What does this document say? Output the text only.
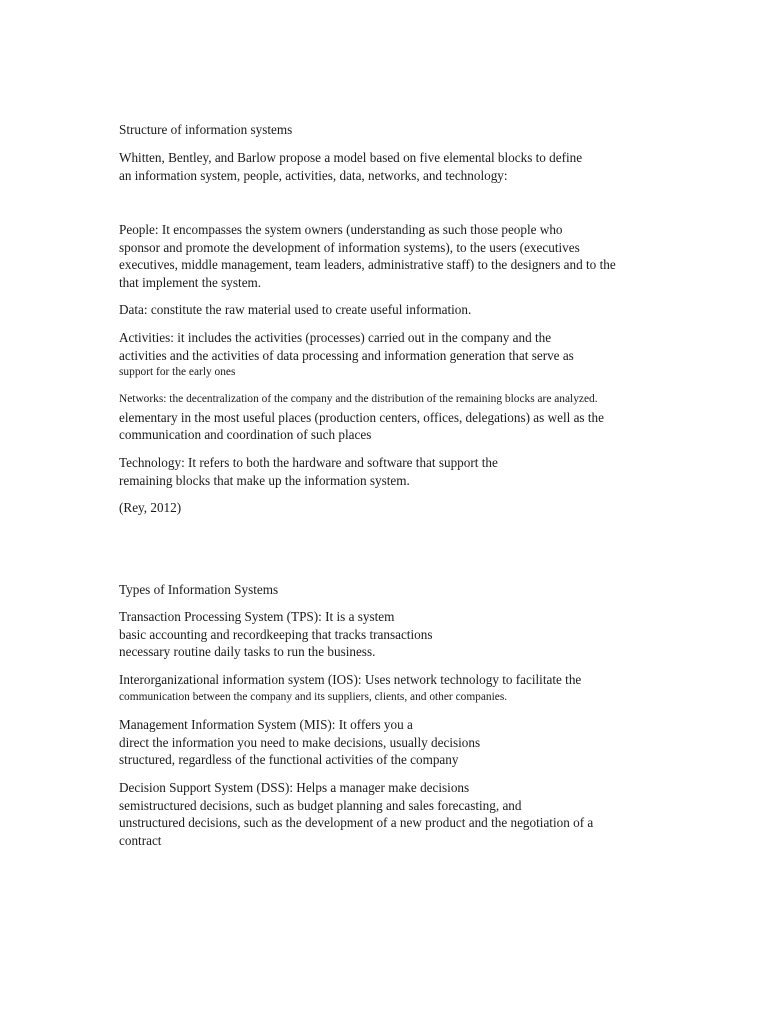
Structure of information systems
Whitten, Bentley, and Barlow propose a model based on five elemental blocks to define
an information system, people, activities, data, networks, and technology:
People: It encompasses the system owners (understanding as such those people who
sponsor and promote the development of information systems), to the users (executives
executives, middle management, team leaders, administrative staff) to the designers and to the
that implement the system.
Data: constitute the raw material used to create useful information.
Activities: it includes the activities (processes) carried out in the company and the
activities and the activities of data processing and information generation that serve as
support for the early ones
Networks: the decentralization of the company and the distribution of the remaining blocks are analyzed.
elementary in the most useful places (production centers, offices, delegations) as well as the
communication and coordination of such places
Technology: It refers to both the hardware and software that support the
remaining blocks that make up the information system.
(Rey, 2012)
Types of Information Systems
Transaction Processing System (TPS): It is a system
basic accounting and recordkeeping that tracks transactions
necessary routine daily tasks to run the business.
Interorganizational information system (IOS): Uses network technology to facilitate the
communication between the company and its suppliers, clients, and other companies.
Management Information System (MIS): It offers you a
direct the information you need to make decisions, usually decisions
structured, regardless of the functional activities of the company
Decision Support System (DSS): Helps a manager make decisions
semistructured decisions, such as budget planning and sales forecasting, and
unstructured decisions, such as the development of a new product and the negotiation of a
contract
